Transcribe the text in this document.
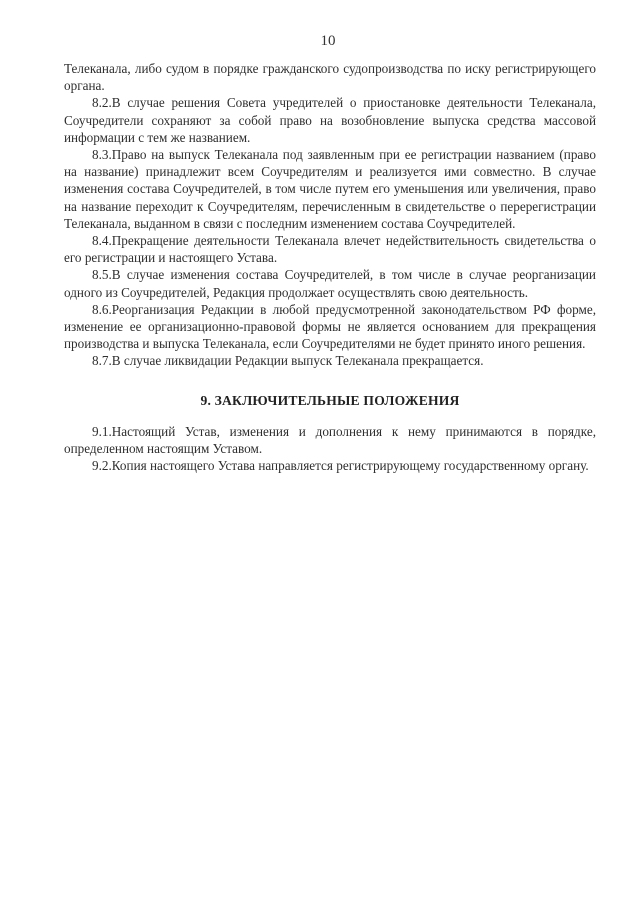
10

Телеканала, либо судом в порядке гражданского судопроизводства по иску регистрирующего органа.

8.2.В случае решения Совета учредителей о приостановке деятельности Телеканала, Соучредители сохраняют за собой право на возобновление выпуска средства массовой информации с тем же названием.

8.3.Право на выпуск Телеканала под заявленным при ее регистрации названием (право на название) принадлежит всем Соучредителям и реализуется ими совместно. В случае изменения состава Соучредителей, в том числе путем его уменьшения или увеличения, право на название переходит к Соучредителям, перечисленным в свидетельстве о перерегистрации Телеканала, выданном в связи с последним изменением состава Соучредителей.

8.4.Прекращение деятельности Телеканала влечет недействительность свидетельства о его регистрации и настоящего Устава.

8.5.В случае изменения состава Соучредителей, в том числе в случае реорганизации одного из Соучредителей, Редакция продолжает осуществлять свою деятельность.

8.6.Реорганизация Редакции в любой предусмотренной законодательством РФ форме, изменение ее организационно-правовой формы не является основанием для прекращения производства и выпуска Телеканала, если Соучредителями не будет принято иного решения.

8.7.В случае ликвидации Редакции выпуск Телеканала прекращается.

9. ЗАКЛЮЧИТЕЛЬНЫЕ ПОЛОЖЕНИЯ

9.1.Настоящий Устав, изменения и дополнения к нему принимаются в порядке, определенном настоящим Уставом.

9.2.Копия настоящего Устава направляется регистрирующему государственному органу.
